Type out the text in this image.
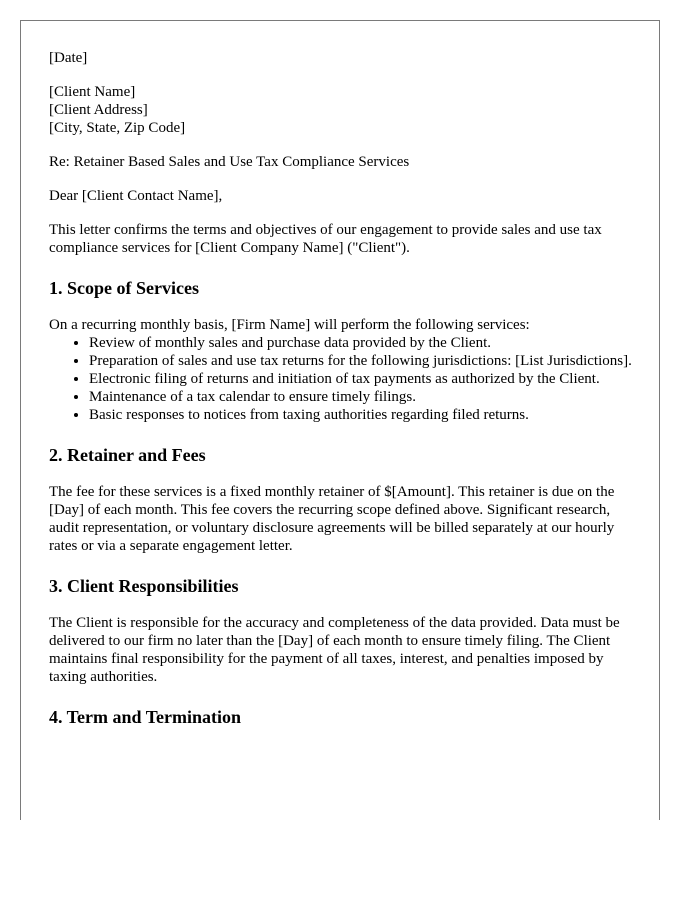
[Date]

[Client Name]
[Client Address]
[City, State, Zip Code]

Re: Retainer Based Sales and Use Tax Compliance Services

Dear [Client Contact Name],

This letter confirms the terms and objectives of our engagement to provide sales and use tax compliance services for [Client Company Name] ("Client").

1. Scope of Services

On a recurring monthly basis, [Firm Name] will perform the following services:

• Review of monthly sales and purchase data provided by the Client.
• Preparation of sales and use tax returns for the following jurisdictions: [List Jurisdictions].
• Electronic filing of returns and initiation of tax payments as authorized by the Client.
• Maintenance of a tax calendar to ensure timely filings.
• Basic responses to notices from taxing authorities regarding filed returns.
2. Retainer and Fees

The fee for these services is a fixed monthly retainer of $[Amount]. This retainer is due on the [Day] of each month. This fee covers the recurring scope defined above. Significant research, audit representation, or voluntary disclosure agreements will be billed separately at our hourly rates or via a separate engagement letter.

3. Client Responsibilities

The Client is responsible for the accuracy and completeness of the data provided. Data must be delivered to our firm no later than the [Day] of each month to ensure timely filing. The Client maintains final responsibility for the payment of all taxes, interest, and penalties imposed by taxing authorities.

4. Term and Termination
